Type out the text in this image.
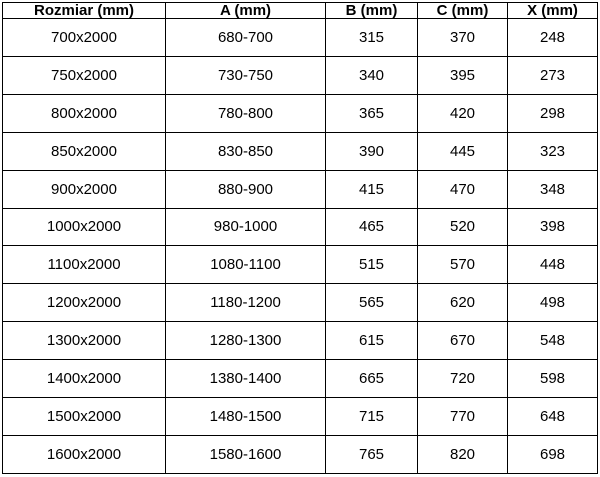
Rozmiar (mm)	A (mm)	B (mm)	C (mm)	X (mm)
700x2000	680-700	315	370	248
750x2000	730-750	340	395	273
800x2000	780-800	365	420	298
850x2000	830-850	390	445	323
900x2000	880-900	415	470	348
1000x2000	980-1000	465	520	398
1100x2000	1080-1100	515	570	448
1200x2000	1180-1200	565	620	498
1300x2000	1280-1300	615	670	548
1400x2000	1380-1400	665	720	598
1500x2000	1480-1500	715	770	648
1600x2000	1580-1600	765	820	698
